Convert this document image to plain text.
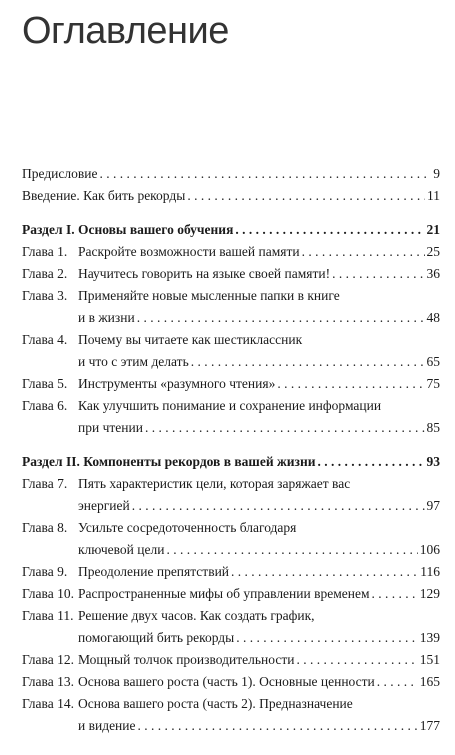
Оглавление
Предисловие . . .	9
Введение. Как бить рекорды . . .	11
Раздел I. Основы вашего обучения . . .	21
Глава 1. Раскройте возможности вашей памяти . . .	25
Глава 2. Научитесь говорить на языке своей памяти! . . .	36
Глава 3. Применяйте новые мысленные папки в книге
и в жизни . . .	48
Глава 4. Почему вы читаете как шестиклассник
и что с этим делать . . .	65
Глава 5. Инструменты «разумного чтения» . . .	75
Глава 6. Как улучшить понимание и сохранение информации
при чтении . . .	85
Раздел II. Компоненты рекордов в вашей жизни . . .	93
Глава 7. Пять характеристик цели, которая заряжает вас
энергией . . .	97
Глава 8. Усильте сосредоточенность благодаря
ключевой цели . . .	106
Глава 9. Преодоление препятствий . . .	116
Глава 10. Распространенные мифы об управлении временем . . .	129
Глава 11. Решение двух часов. Как создать график,
помогающий бить рекорды . . .	139
Глава 12. Мощный толчок производительности . . .	151
Глава 13. Основа вашего роста (часть 1). Основные ценности . . .	165
Глава 14. Основа вашего роста (часть 2). Предназначение
и видение . . .	177
